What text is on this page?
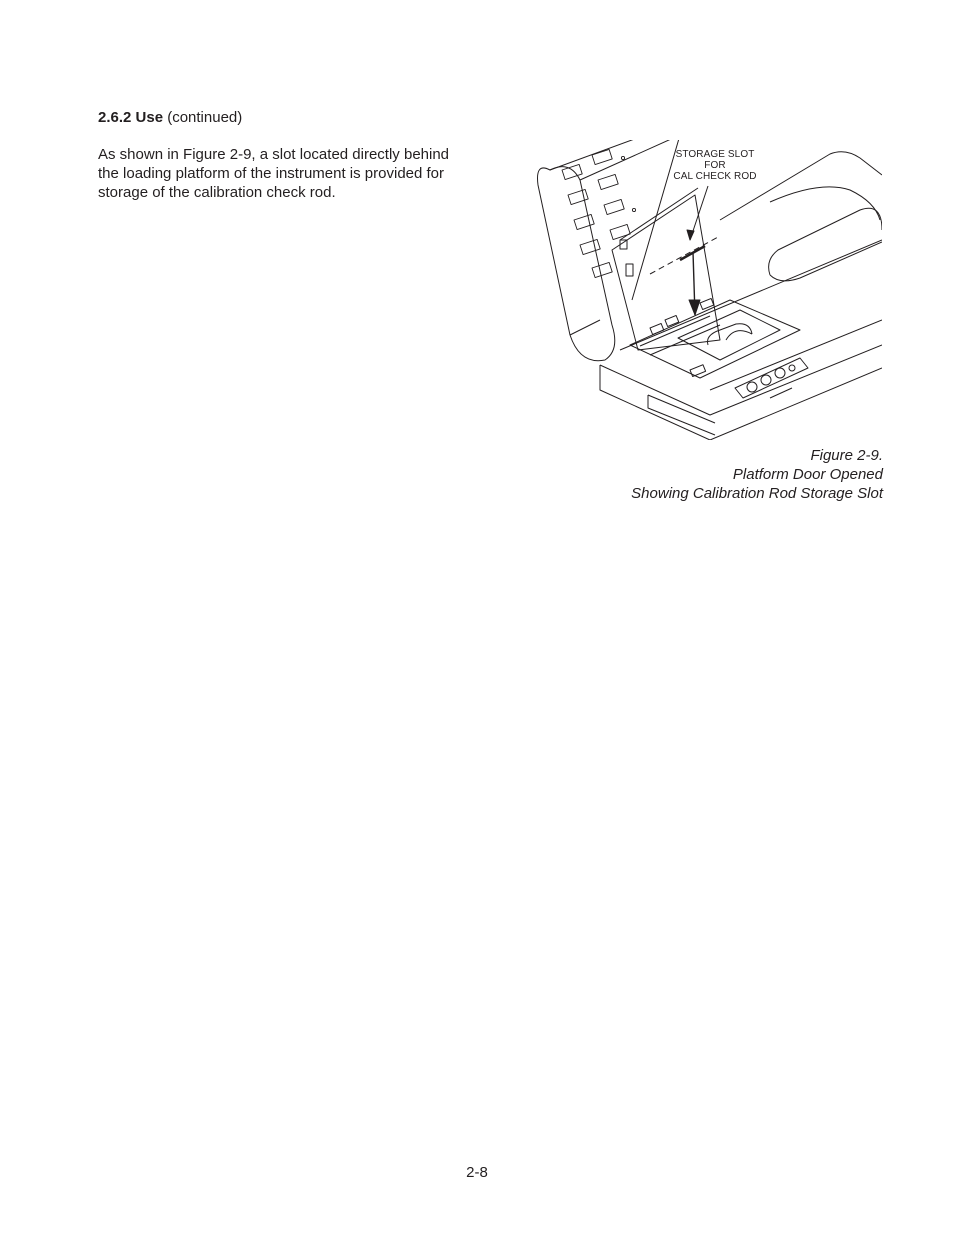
2.6.2 Use (continued)

As shown in Figure 2-9, a slot located directly behind the loading platform of the instrument is provided for storage of the calibration check rod.

STORAGE SLOT
FOR
CAL CHECK ROD
Figure 2-9.
Platform Door Opened
Showing Calibration Rod Storage Slot
2-8
